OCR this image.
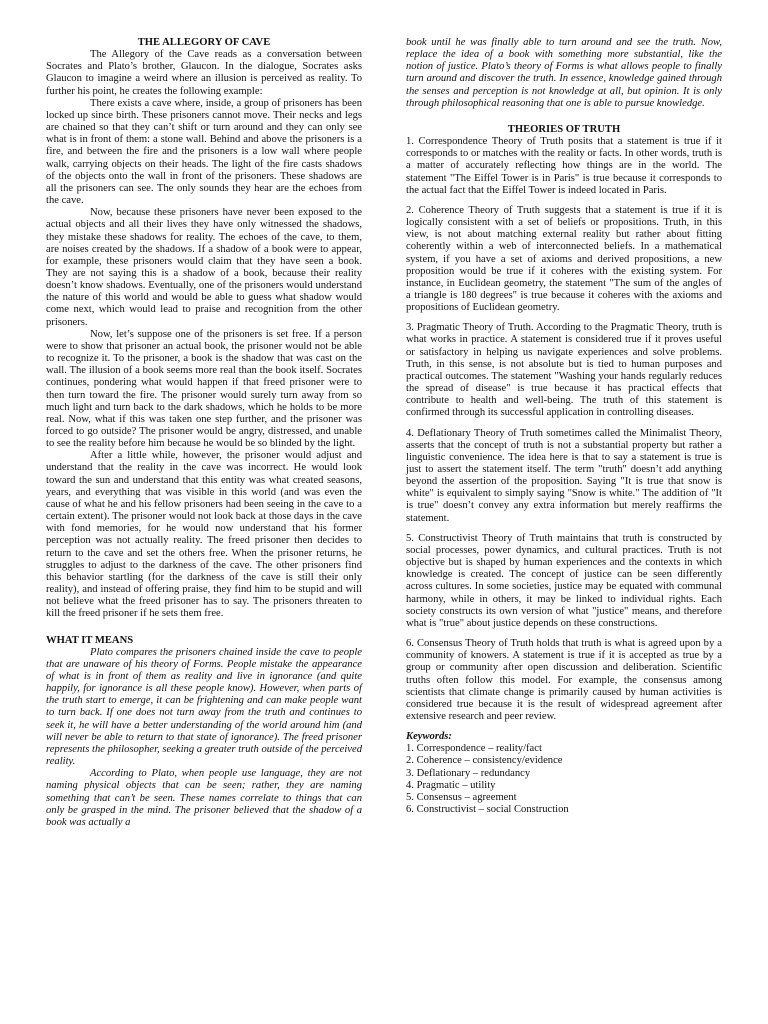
THE ALLEGORY OF CAVE

The Allegory of the Cave reads as a conversation between Socrates and Plato’s brother, Glaucon. In the dialogue, Socrates asks Glaucon to imagine a weird where an illusion is perceived as reality. To further his point, he creates the following example:

There exists a cave where, inside, a group of prisoners has been locked up since birth. These prisoners cannot move. Their necks and legs are chained so that they can’t shift or turn around and they can only see what is in front of them: a stone wall. Behind and above the prisoners is a fire, and between the fire and the prisoners is a low wall where people walk, carrying objects on their heads. The light of the fire casts shadows of the objects onto the wall in front of the prisoners. These shadows are all the prisoners can see. The only sounds they hear are the echoes from the cave.

Now, because these prisoners have never been exposed to the actual objects and all their lives they have only witnessed the shadows, they mistake these shadows for reality. The echoes of the cave, to them, are noises created by the shadows. If a shadow of a book were to appear, for example, these prisoners would claim that they have seen a book. They are not saying this is a shadow of a book, because their reality doesn’t know shadows. Eventually, one of the prisoners would understand the nature of this world and would be able to guess what shadow would come next, which would lead to praise and recognition from the other prisoners.

Now, let’s suppose one of the prisoners is set free. If a person were to show that prisoner an actual book, the prisoner would not be able to recognize it. To the prisoner, a book is the shadow that was cast on the wall. The illusion of a book seems more real than the book itself. Socrates continues, pondering what would happen if that freed prisoner were to then turn toward the fire. The prisoner would surely turn away from so much light and turn back to the dark shadows, which he holds to be more real. Now, what if this was taken one step further, and the prisoner was forced to go outside? The prisoner would be angry, distressed, and unable to see the reality before him because he would be so blinded by the light.

After a little while, however, the prisoner would adjust and understand that the reality in the cave was incorrect. He would look toward the sun and understand that this entity was what created seasons, years, and everything that was visible in this world (and was even the cause of what he and his fellow prisoners had been seeing in the cave to a certain extent). The prisoner would not look back at those days in the cave with fond memories, for he would now understand that his former perception was not actually reality. The freed prisoner then decides to return to the cave and set the others free. When the prisoner returns, he struggles to adjust to the darkness of the cave. The other prisoners find this behavior startling (for the darkness of the cave is still their only reality), and instead of offering praise, they find him to be stupid and will not believe what the freed prisoner has to say. The prisoners threaten to kill the freed prisoner if he sets them free.

WHAT IT MEANS

Plato compares the prisoners chained inside the cave to people that are unaware of his theory of Forms. People mistake the appearance of what is in front of them as reality and live in ignorance (and quite happily, for ignorance is all these people know). However, when parts of the truth start to emerge, it can be frightening and can make people want to turn back. If one does not turn away from the truth and continues to seek it, he will have a better understanding of the world around him (and will never be able to return to that state of ignorance). The freed prisoner represents the philosopher, seeking a greater truth outside of the perceived reality.

According to Plato, when people use language, they are not naming physical objects that can be seen; rather, they are naming something that can’t be seen. These names correlate to things that can only be grasped in the mind. The prisoner believed that the shadow of a book was actually a

book until he was finally able to turn around and see the truth. Now, replace the idea of a book with something more substantial, like the notion of justice. Plato’s theory of Forms is what allows people to finally turn around and discover the truth. In essence, knowledge gained through the senses and perception is not knowledge at all, but opinion. It is only through philosophical reasoning that one is able to pursue knowledge.

THEORIES OF TRUTH

1. Correspondence Theory of Truth posits that a statement is true if it corresponds to or matches with the reality or facts. In other words, truth is a matter of accurately reflecting how things are in the world. The statement "The Eiffel Tower is in Paris" is true because it corresponds to the actual fact that the Eiffel Tower is indeed located in Paris.

2. Coherence Theory of Truth suggests that a statement is true if it is logically consistent with a set of beliefs or propositions. Truth, in this view, is not about matching external reality but rather about fitting coherently within a web of interconnected beliefs. In a mathematical system, if you have a set of axioms and derived propositions, a new proposition would be true if it coheres with the existing system. For instance, in Euclidean geometry, the statement "The sum of the angles of a triangle is 180 degrees" is true because it coheres with the axioms and propositions of Euclidean geometry.

3. Pragmatic Theory of Truth. According to the Pragmatic Theory, truth is what works in practice. A statement is considered true if it proves useful or satisfactory in helping us navigate experiences and solve problems. Truth, in this sense, is not absolute but is tied to human purposes and practical outcomes. The statement "Washing your hands regularly reduces the spread of disease" is true because it has practical effects that contribute to health and well-being. The truth of this statement is confirmed through its successful application in controlling diseases.

4. Deflationary Theory of Truth sometimes called the Minimalist Theory, asserts that the concept of truth is not a substantial property but rather a linguistic convenience. The idea here is that to say a statement is true is just to assert the statement itself. The term "truth" doesn’t add anything beyond the assertion of the proposition. Saying "It is true that snow is white" is equivalent to simply saying "Snow is white." The addition of "It is true" doesn’t convey any extra information but merely reaffirms the statement.

5. Constructivist Theory of Truth maintains that truth is constructed by social processes, power dynamics, and cultural practices. Truth is not objective but is shaped by human experiences and the contexts in which knowledge is created. The concept of justice can be seen differently across cultures. In some societies, justice may be equated with communal harmony, while in others, it may be linked to individual rights. Each society constructs its own version of what "justice" means, and therefore what is "true" about justice depends on these constructions.

6. Consensus Theory of Truth holds that truth is what is agreed upon by a community of knowers. A statement is true if it is accepted as true by a group or community after open discussion and deliberation. Scientific truths often follow this model. For example, the consensus among scientists that climate change is primarily caused by human activities is considered true because it is the result of widespread agreement after extensive research and peer review.

Keywords:

1. Correspondence – reality/fact
2. Coherence – consistency/evidence
3. Deflationary – redundancy
4. Pragmatic – utility
5. Consensus – agreement
6. Constructivist – social Construction
